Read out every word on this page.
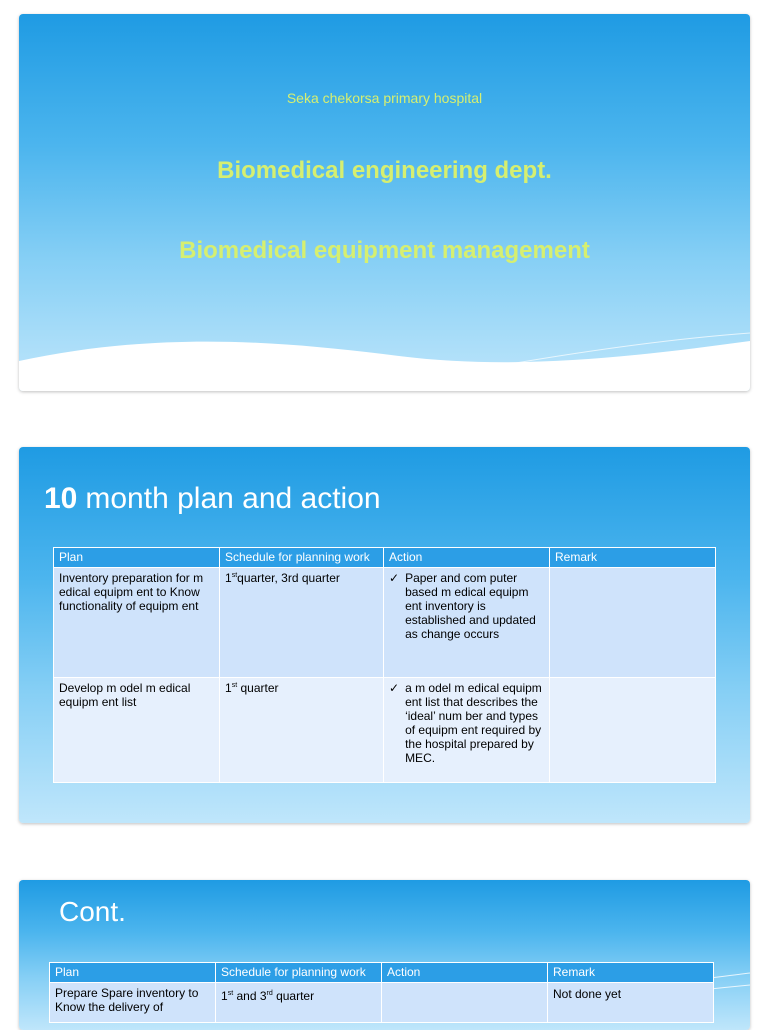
Seka chekorsa primary hospital
Biomedical engineering dept.
Biomedical equipment management
10 month plan and action
Plan	Schedule for planning work	Action	Remark
Inventory preparation for m edical equipm ent to Know functionality of equipm ent	1stquarter, 3rd quarter	✓ Paper and com puter based m edical equipm ent inventory is established and updated as change occurs	

Develop m odel m edical equipm ent list	1st quarter	✓ a m odel m edical equipm ent list that describes the ‘ideal’ num ber and types of equipm ent required by the hospital prepared by MEC.	

Cont.
Plan	Schedule for planning work	Action	Remark
Prepare Spare inventory to Know the delivery of	1st and 3rd quarter		Not done yet
